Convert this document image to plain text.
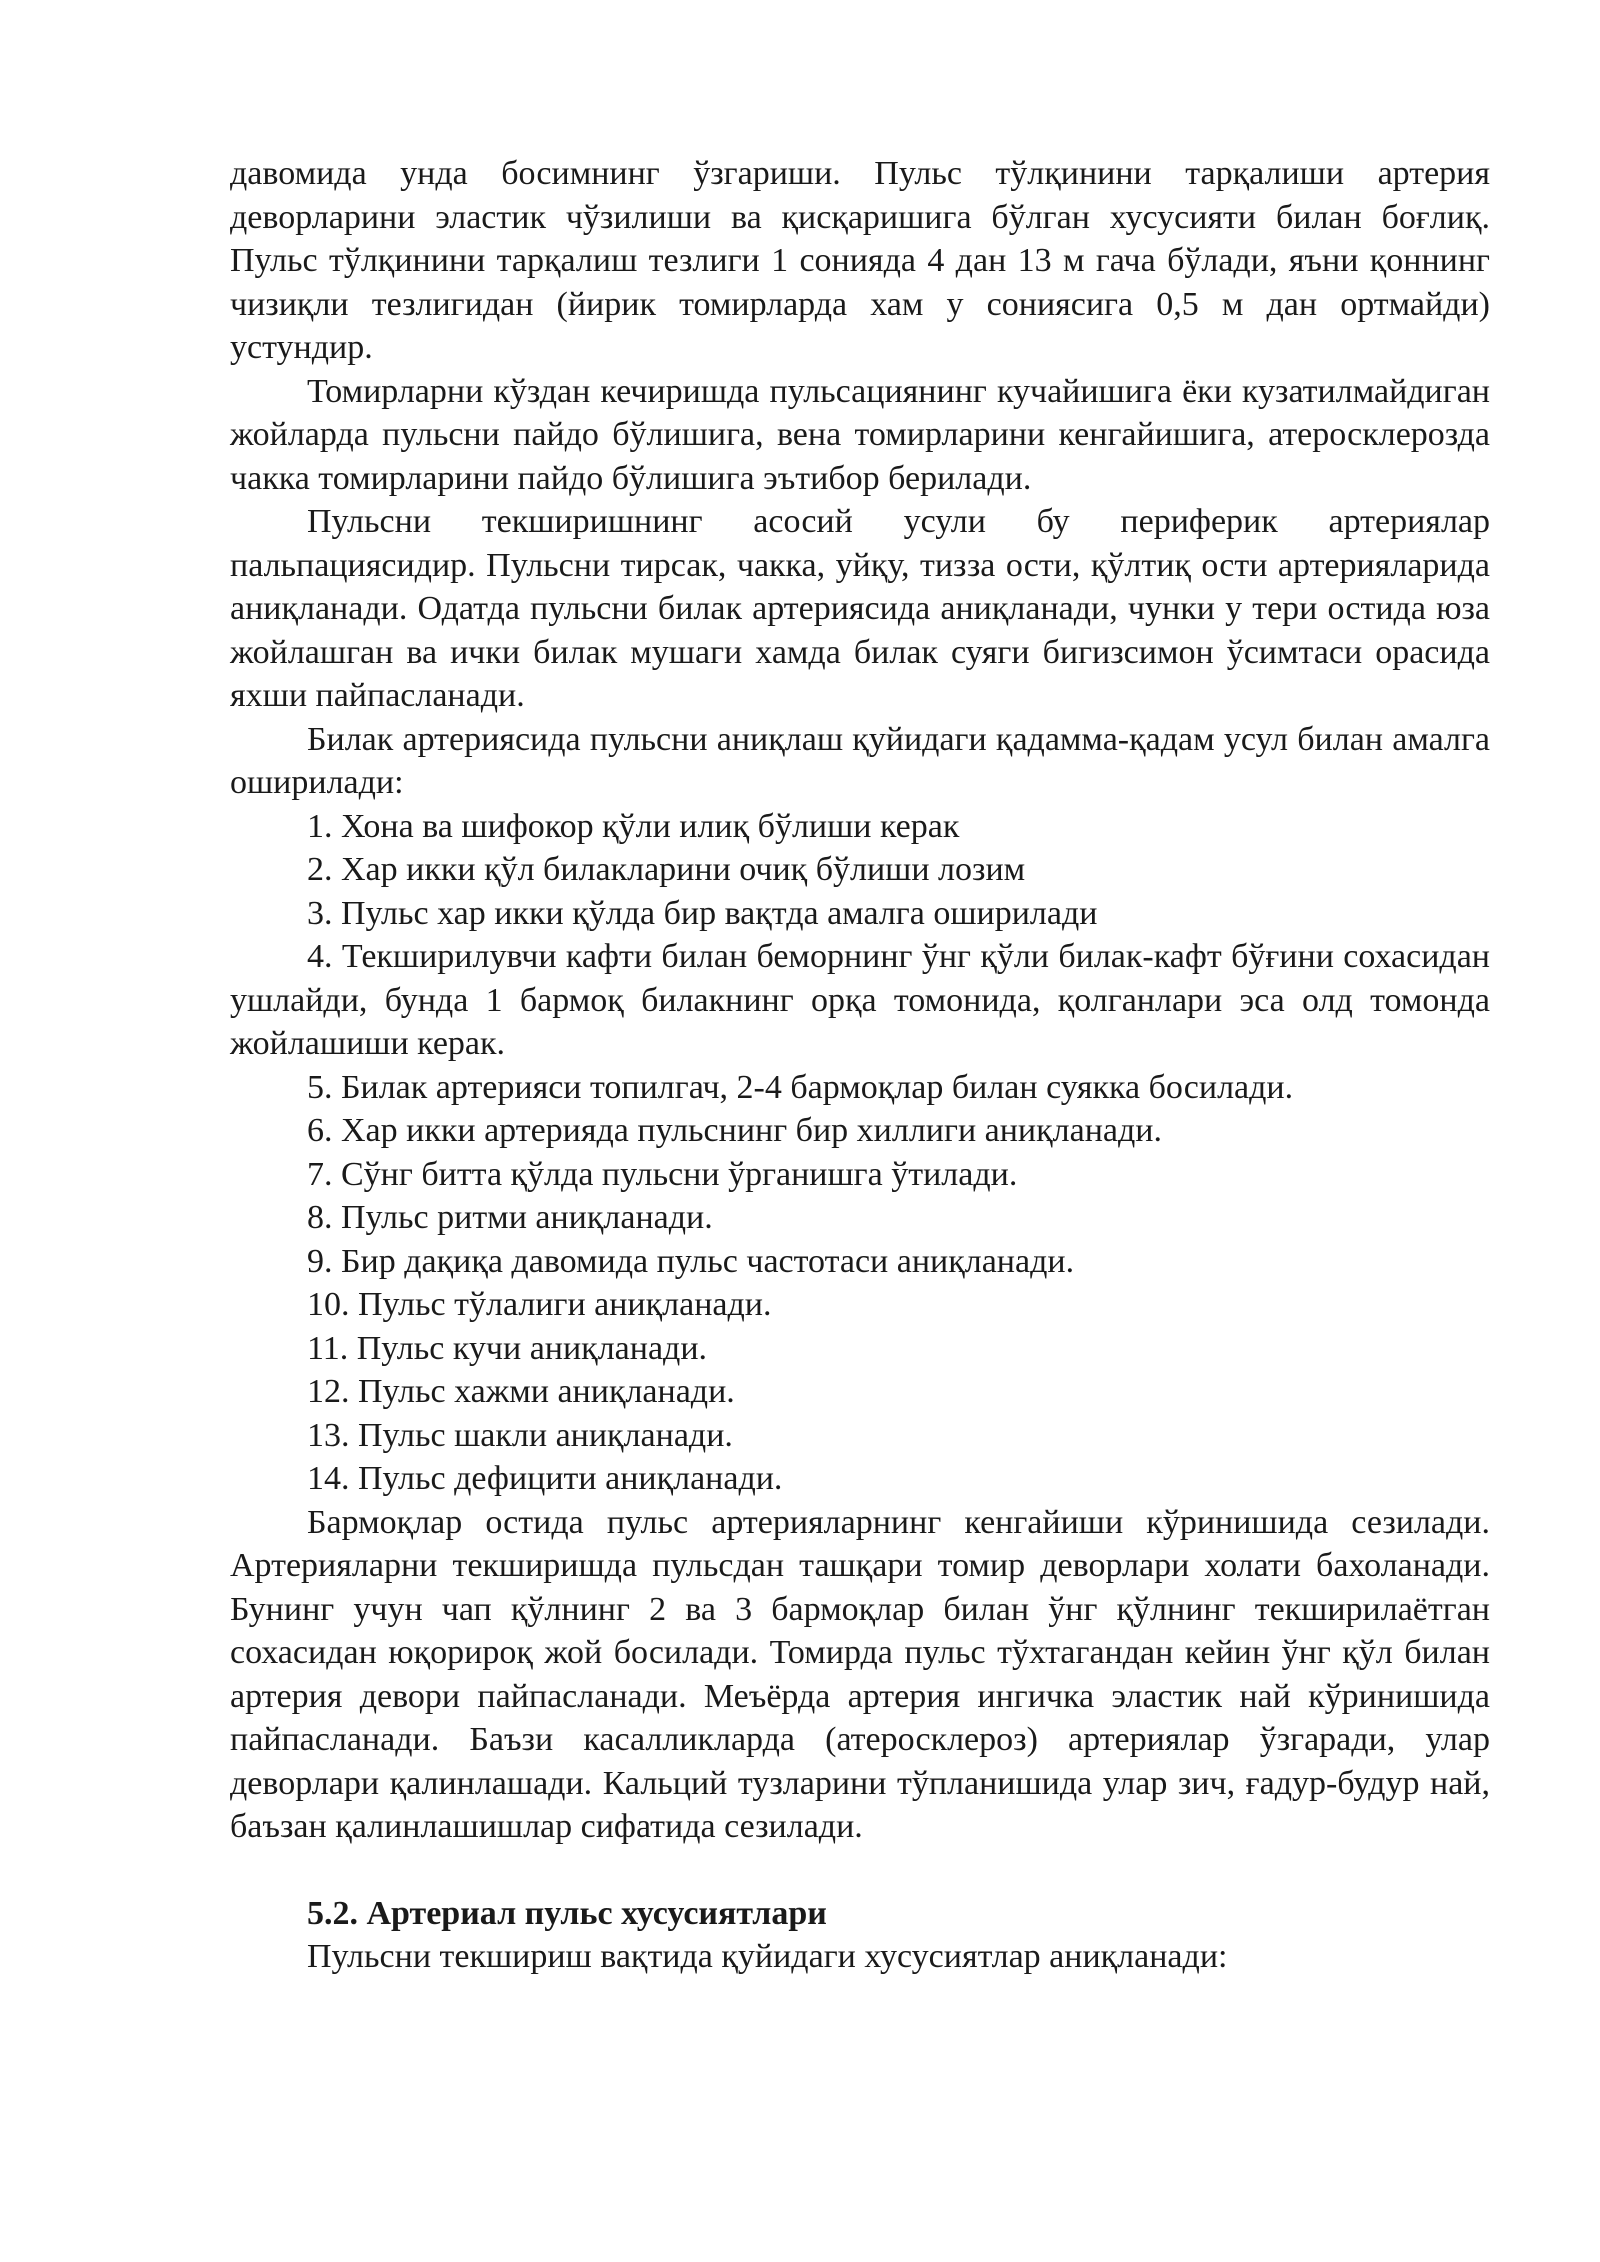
давомида унда босимнинг ўзгариши. Пульс тўлқинини тарқалиши артерия деворларини эластик чўзилиши ва қисқаришига бўлган хусусияти билан боғлиқ. Пульс тўлқинини тарқалиш тезлиги 1 сонияда 4 дан 13 м гача бўлади, яъни қоннинг чизиқли тезлигидан (йирик томирларда хам у сониясига 0,5 м дан ортмайди) устундир.

Томирларни кўздан кечиришда пульсациянинг кучайишига ёки кузатилмайдиган жойларда пульсни пайдо бўлишига, вена томирларини кенгайишига, атеросклерозда чакка томирларини пайдо бўлишига эътибор берилади.

Пульсни текширишнинг асосий усули бу периферик артериялар пальпациясидир. Пульсни тирсак, чакка, уйқу, тизза ости, қўлтиқ ости артерияларида аниқланади. Одатда пульсни билак артериясида аниқланади, чунки у тери остида юза жойлашган ва ички билак мушаги хамда билак суяги бигизсимон ўсимтаси орасида яхши пайпасланади.

Билак артериясида пульсни аниқлаш қуйидаги қадамма-қадам усул билан амалга оширилади:

1. Хона ва шифокор қўли илиқ бўлиши керак

2. Хар икки қўл билакларини очиқ бўлиши лозим

3. Пульс хар икки қўлда бир вақтда амалга оширилади

4. Текширилувчи кафти билан беморнинг ўнг қўли билак-кафт бўғини сохасидан ушлайди, бунда 1 бармоқ билакнинг орқа томонида, қолганлари эса олд томонда жойлашиши керак.

5. Билак артерияси топилгач, 2-4 бармоқлар билан суякка босилади.

6. Хар икки артерияда пульснинг бир хиллиги аниқланади.

7. Сўнг битта қўлда пульсни ўрганишга ўтилади.

8. Пульс ритми аниқланади.

9. Бир дақиқа давомида пульс частотаси аниқланади.

10. Пульс тўлалиги аниқланади.

11. Пульс кучи аниқланади.

12. Пульс хажми аниқланади.

13. Пульс шакли аниқланади.

14. Пульс дефицити аниқланади.

Бармоқлар остида пульс артерияларнинг кенгайиши кўринишида сезилади. Артерияларни текширишда пульсдан ташқари томир деворлари холати бахоланади. Бунинг учун чап қўлнинг 2 ва 3 бармоқлар билан ўнг қўлнинг текширилаётган сохасидан юқорироқ жой босилади. Томирда пульс тўхтагандан кейин ўнг қўл билан артерия девори пайпасланади. Меъёрда артерия ингичка эластик най кўринишида пайпасланади. Баъзи касалликларда (атеросклероз) артериялар ўзгаради, улар деворлари қалинлашади. Кальций тузларини тўпланишида улар зич, ғадур-будур най, баъзан қалинлашишлар сифатида сезилади.

5.2. Артериал пульс хусусиятлари

Пульсни текшириш вақтида қуйидаги хусусиятлар аниқланади:
